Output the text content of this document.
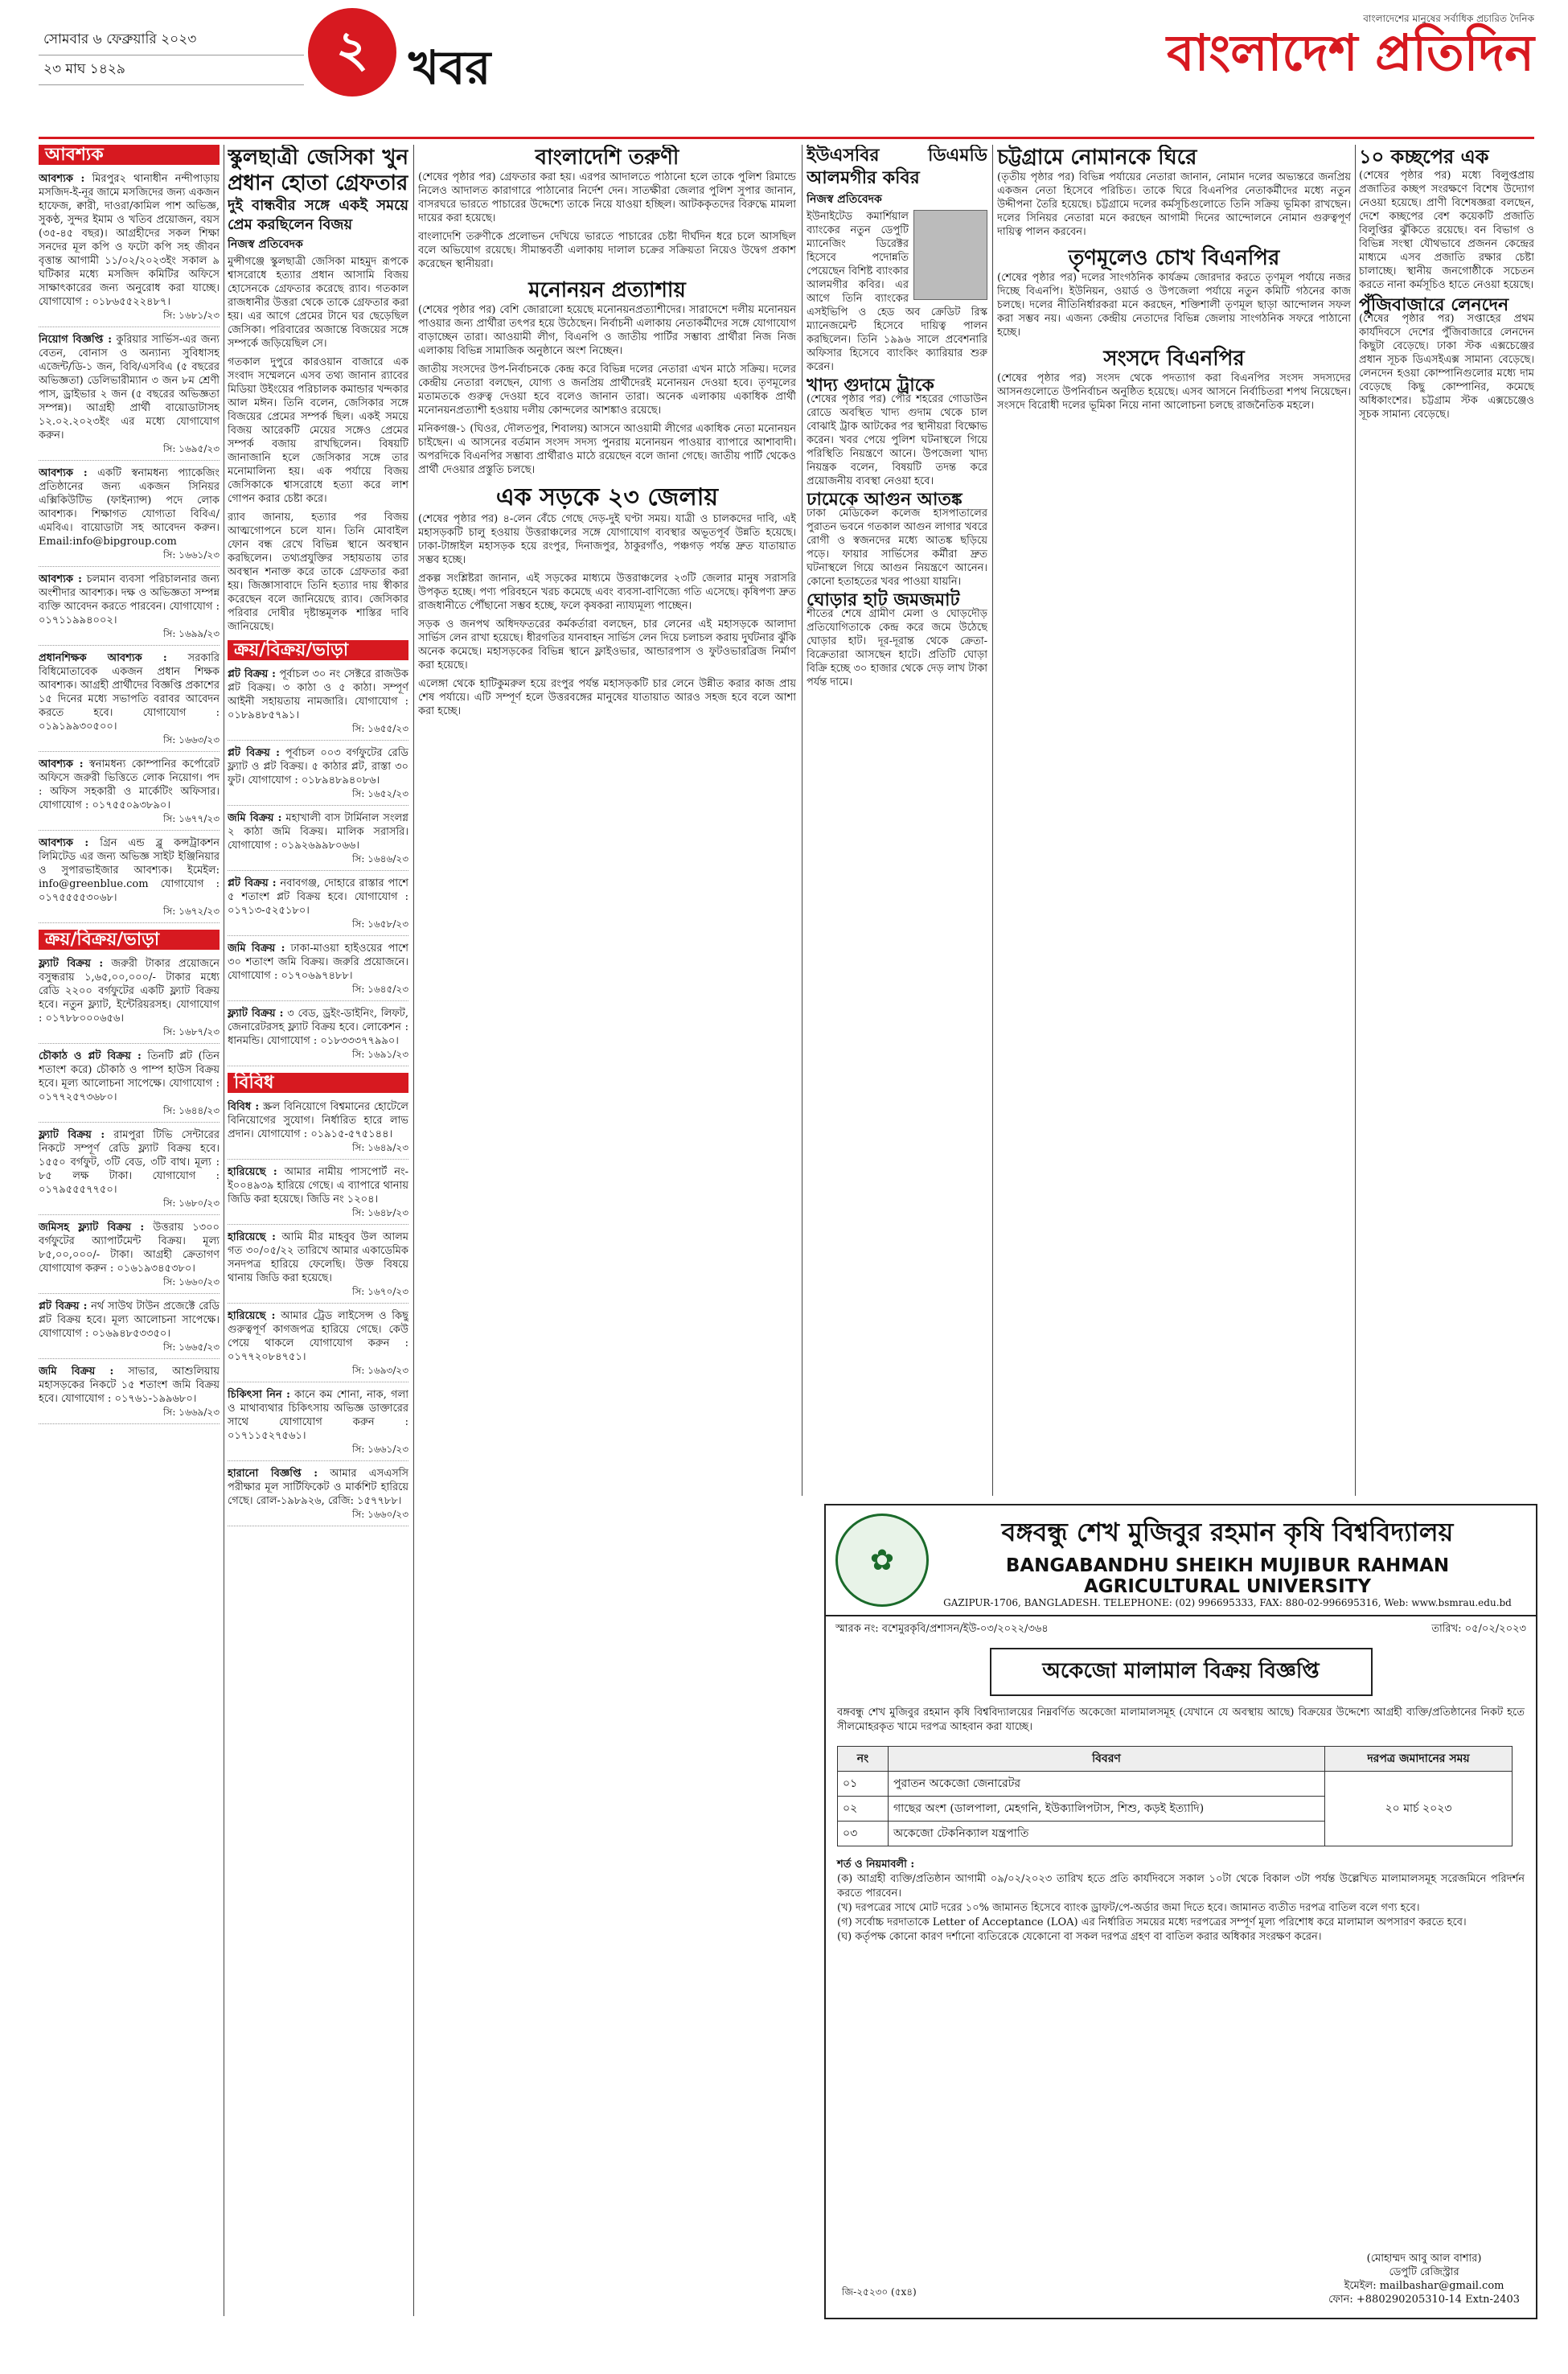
সোমবার ৬ ফেব্রুয়ারি ২০২৩
২৩ মাঘ ১৪২৯	২ খবর
বাংলাদেশের মানুষের সর্বাধিক প্রচারিত দৈনিক
বাংলাদেশ প্রতিদিন
আবশ্যক
আবশ্যক : মিরপুর২ থানাধীন নন্দীপাড়ায় মসজিদ-ই-নূর জামে মসজিদের জন্য একজন হাফেজ, ক্বারী, দাওরা/কামিল পাশ অভিজ্ঞ, সুকণ্ঠ, সুন্দর ইমাম ও খতিব প্রয়োজন, বয়স (৩৫-৪৫ বছর)। আগ্রহীদের সকল শিক্ষা সনদের মূল কপি ও ফটো কপি সহ জীবন বৃত্তান্ত আগামী ১১/০২/২০২৩ইং সকাল ৯ ঘটিকার মধ্যে মসজিদ কমিটির অফিসে সাক্ষাৎকারের জন্য অনুরোধ করা যাচ্ছে। যোগাযোগ : ০১৮৬৫৫২২৪৮৭।
সি: ১৬৮১/২৩
নিয়োগ বিজ্ঞপ্তি : কুরিয়ার সার্ভিস-এর জন্য বেতন, বোনাস ও অন্যান্য সুবিধাসহ এজেন্ট/ডি-১ জন, বিবি/এসবিএ (৫ বছরের অভিজ্ঞতা) ডেলিভারীম্যান ৩ জন ৮ম শ্রেণী পাস, ড্রাইভার ২ জন (৫ বছরের অভিজ্ঞতা সম্পন্ন)। আগ্রহী প্রার্থী বায়োডাটাসহ ১২.০২.২০২৩ইং এর মধ্যে যোগাযোগ করুন।
সি: ১৬৯৫/২৩
আবশ্যক : একটি স্বনামধন্য প্যাকেজিং প্রতিষ্ঠানের জন্য একজন সিনিয়র এক্সিকিউটিভ (ফাইন্যান্স) পদে লোক আবশ্যক। শিক্ষাগত যোগ্যতা বিবিএ/এমবিএ। বায়োডাটা সহ আবেদন করুন। Email:info@bipgroup.com
সি: ১৬৬১/২৩
আবশ্যক : চলমান ব্যবসা পরিচালনার জন্য অংশীদার আবশ্যক। দক্ষ ও অভিজ্ঞতা সম্পন্ন ব্যক্তি আবেদন করতে পারবেন। যোগাযোগ : ০১৭১১৯৯৪০০২।
সি: ১৬৯৯/২৩
প্রধানশিক্ষক আবশ্যক : সরকারি বিধিমোতাবেক একজন প্রধান শিক্ষক আবশ্যক। আগ্রহী প্রার্থীদের বিজ্ঞপ্তি প্রকাশের ১৫ দিনের মধ্যে সভাপতি বরাবর আবেদন করতে হবে। যোগাযোগ : ০১৯১৯৯৩০৫০০।
সি: ১৬৬৩/২৩
আবশ্যক : স্বনামধন্য কোম্পানির কর্পোরেট অফিসে জরুরী ভিত্তিতে লোক নিয়োগ। পদ : অফিস সহকারী ও মার্কেটিং অফিসার। যোগাযোগ : ০১৭৫৫০৯৩৮৯০।
সি: ১৬৭৭/২৩
আবশ্যক : গ্রিন এন্ড ব্লু কন্সট্রাকশন লিমিটেড এর জন্য অভিজ্ঞ সাইট ইঞ্জিনিয়ার ও সুপারভাইজার আবশ্যক। ইমেইল: info@greenblue.com যোগাযোগ : ০১৭৫৫৫৫৩০৬৮।
সি: ১৬৭২/২৩
ক্রয়/বিক্রয়/ভাড়া
ফ্ল্যাট বিক্রয় : জরুরী টাকার প্রয়োজনে বসুন্ধরায় ১,৬৫,০০,০০০/- টাকার মধ্যে রেডি ২২০০ বর্গফুটের একটি ফ্ল্যাট বিক্রয় হবে। নতুন ফ্ল্যাট, ইন্টেরিয়রসহ। যোগাযোগ : ০১৭৮৮০০০৬৫৬।
সি: ১৬৮৭/২৩
চৌকাঠ ও প্লট বিক্রয় : তিনটি প্লট (তিন শতাংশ করে) চৌকাঠ ও পাম্প হাউস বিক্রয় হবে। মূল্য আলোচনা সাপেক্ষে। যোগাযোগ : ০১৭৭২৫৭৩৬৮০।
সি: ১৬৪৪/২৩
ফ্ল্যাট বিক্রয় : রামপুরা টিভি সেন্টারের নিকটে সম্পূর্ণ রেডি ফ্ল্যাট বিক্রয় হবে। ১৫৫০ বর্গফুট, ৩টি বেড, ৩টি বাথ। মূল্য : ৮৫ লক্ষ টাকা। যোগাযোগ : ০১৭৯৫৫৫৭৭৫০।
সি: ১৬৮০/২৩
জমিসহ ফ্ল্যাট বিক্রয় : উত্তরায় ১৩০০ বর্গফুটের অ্যাপার্টমেন্ট বিক্রয়। মূল্য ৮৫,০০,০০০/- টাকা। আগ্রহী ক্রেতাগণ যোগাযোগ করুন : ০১৬১৯৩৪৫৩৮০।
সি: ১৬৬০/২৩
প্লট বিক্রয় : নর্থ সাউথ টাউন প্রজেক্টে রেডি প্লট বিক্রয় হবে। মূল্য আলোচনা সাপেক্ষে। যোগাযোগ : ০১৬৯৪৮৫৩৩৫০।
সি: ১৬৬৫/২৩
জমি বিক্রয় : সাভার, আশুলিয়ায় মহাসড়কের নিকটে ১৫ শতাংশ জমি বিক্রয় হবে। যোগাযোগ : ০১৭৬১-১৯৯৬৮০।
সি: ১৬৬৯/২৩
স্কুলছাত্রী জেসিকা খুন প্রধান হোতা গ্রেফতার
দুই বান্ধবীর সঙ্গে একই সময়ে প্রেম করছিলেন বিজয়
নিজস্ব প্রতিবেদক

মুন্সীগঞ্জে স্কুলছাত্রী জেসিকা মাহমুদ রূপকে শ্বাসরোধে হত্যার প্রধান আসামি বিজয় হোসেনকে গ্রেফতার করেছে র‌্যাব। গতকাল রাজধানীর উত্তরা থেকে তাকে গ্রেফতার করা হয়। এর আগে প্রেমের টানে ঘর ছেড়েছিল জেসিকা। পরিবারের অজান্তে বিজয়ের সঙ্গে সম্পর্কে জড়িয়েছিল সে।

গতকাল দুপুরে কারওয়ান বাজারে এক সংবাদ সম্মেলনে এসব তথ্য জানান র‌্যাবের মিডিয়া উইংয়ের পরিচালক কমান্ডার খন্দকার আল মঈন। তিনি বলেন, জেসিকার সঙ্গে বিজয়ের প্রেমের সম্পর্ক ছিল। একই সময়ে বিজয় আরেকটি মেয়ের সঙ্গেও প্রেমের সম্পর্ক বজায় রাখছিলেন। বিষয়টি জানাজানি হলে জেসিকার সঙ্গে তার মনোমালিন্য হয়। এক পর্যায়ে বিজয় জেসিকাকে শ্বাসরোধে হত্যা করে লাশ গোপন করার চেষ্টা করে।

র‌্যাব জানায়, হত্যার পর বিজয় আত্মগোপনে চলে যান। তিনি মোবাইল ফোন বন্ধ রেখে বিভিন্ন স্থানে অবস্থান করছিলেন। তথ্যপ্রযুক্তির সহায়তায় তার অবস্থান শনাক্ত করে তাকে গ্রেফতার করা হয়। জিজ্ঞাসাবাদে তিনি হত্যার দায় স্বীকার করেছেন বলে জানিয়েছে র‌্যাব। জেসিকার পরিবার দোষীর দৃষ্টান্তমূলক শাস্তির দাবি জানিয়েছে।

ক্রয়/বিক্রয়/ভাড়া
প্লট বিক্রয় : পূর্বাচল ৩০ নং সেক্টরে রাজউক প্লট বিক্রয়। ৩ কাঠা ও ৫ কাঠা। সম্পূর্ণ আইনী সহায়তায় নামজারি। যোগাযোগ : ০১৮৯৪৮৫৭৯১।
সি: ১৬৫৫/২৩
প্লট বিক্রয় : পূর্বাচল ০০৩ বর্গফুটের রেডি ফ্ল্যাট ও প্লট বিক্রয়। ৫ কাঠার প্লট, রাস্তা ৩০ ফুট। যোগাযোগ : ০১৮৯৪৮৯৪০৮৬।
সি: ১৬৫২/২৩
জমি বিক্রয় : মহাখালী বাস টার্মিনাল সংলগ্ন ২ কাঠা জমি বিক্রয়। মালিক সরাসরি। যোগাযোগ : ০১৯২৬৯৯৮০৬৬।
সি: ১৬৪৬/২৩
প্লট বিক্রয় : নবাবগঞ্জ, দোহারে রাস্তার পাশে ৫ শতাংশ প্লট বিক্রয় হবে। যোগাযোগ : ০১৭১৩-৫২৫১৮০।
সি: ১৬৫৮/২৩
জমি বিক্রয় : ঢাকা-মাওয়া হাইওয়ের পাশে ৩০ শতাংশ জমি বিক্রয়। জরুরি প্রয়োজনে। যোগাযোগ : ০১৭০৬৯৭৪৮৮।
সি: ১৬৪৫/২৩
ফ্ল্যাট বিক্রয় : ৩ বেড, ড্রইং-ডাইনিং, লিফট, জেনারেটরসহ ফ্ল্যাট বিক্রয় হবে। লোকেশন : ধানমন্ডি। যোগাযোগ : ০১৮৩৩৩৭৭৯৯০।
সি: ১৬৯১/২৩
বিবিধ
বিবিধ : স্ক্রল বিনিয়োগে বিশ্বমানের হোটেলে বিনিয়োগের সুযোগ। নির্ধারিত হারে লাভ প্রদান। যোগাযোগ : ০১৯১৫-৫৭৫১৪৪।
সি: ১৬৪৯/২৩
হারিয়েছে : আমার নামীয় পাসপোর্ট নং- ই০০৪৯৩৯ হারিয়ে গেছে। এ ব্যাপারে থানায় জিডি করা হয়েছে। জিডি নং ১২০৪।
সি: ১৬৪৮/২৩
হারিয়েছে : আমি মীর মাহবুব উল আলম গত ৩০/০৫/২২ তারিখে আমার একাডেমিক সনদপত্র হারিয়ে ফেলেছি। উক্ত বিষয়ে থানায় জিডি করা হয়েছে।
সি: ১৬৭০/২৩
হারিয়েছে : আমার ট্রেড লাইসেন্স ও কিছু গুরুত্বপূর্ণ কাগজপত্র হারিয়ে গেছে। কেউ পেয়ে থাকলে যোগাযোগ করুন : ০১৭৭২০৮৪৭৫১।
সি: ১৬৯৩/২৩
চিকিৎসা নিন : কানে কম শোনা, নাক, গলা ও মাথাব্যথার চিকিৎসায় অভিজ্ঞ ডাক্তারের সাথে যোগাযোগ করুন : ০১৭১১৫২৭৫৬১।
সি: ১৬৬১/২৩
হারানো বিজ্ঞপ্তি : আমার এসএসসি পরীক্ষার মূল সার্টিফিকেট ও মার্কশিট হারিয়ে গেছে। রোল-১৯৮৯২৬, রেজি: ১৫৭৭৮৮।
সি: ১৬৬০/২৩
বাংলাদেশি তরুণী

(শেষের পৃষ্ঠার পর) গ্রেফতার করা হয়। এরপর আদালতে পাঠানো হলে তাকে পুলিশ রিমান্ডে নিলেও আদালত কারাগারে পাঠানোর নির্দেশ দেন। সাতক্ষীরা জেলার পুলিশ সুপার জানান, বাসরঘরে ভারতে পাচারের উদ্দেশ্যে তাকে নিয়ে যাওয়া হচ্ছিল। আটককৃতদের বিরুদ্ধে মামলা দায়ের করা হয়েছে।

বাংলাদেশি তরুণীকে প্রলোভন দেখিয়ে ভারতে পাচারের চেষ্টা দীর্ঘদিন ধরে চলে আসছিল বলে অভিযোগ রয়েছে। সীমান্তবর্তী এলাকায় দালাল চক্রের সক্রিয়তা নিয়েও উদ্বেগ প্রকাশ করেছেন স্থানীয়রা।

মনোনয়ন প্রত্যাশায়

(শেষের পৃষ্ঠার পর) বেশি জোরালো হয়েছে মনোনয়নপ্রত্যাশীদের। সারাদেশে দলীয় মনোনয়ন পাওয়ার জন্য প্রার্থীরা তৎপর হয়ে উঠেছেন। নির্বাচনী এলাকায় নেতাকর্মীদের সঙ্গে যোগাযোগ বাড়াচ্ছেন তারা। আওয়ামী লীগ, বিএনপি ও জাতীয় পার্টির সম্ভাব্য প্রার্থীরা নিজ নিজ এলাকায় বিভিন্ন সামাজিক অনুষ্ঠানে অংশ নিচ্ছেন।

জাতীয় সংসদের উপ-নির্বাচনকে কেন্দ্র করে বিভিন্ন দলের নেতারা এখন মাঠে সক্রিয়। দলের কেন্দ্রীয় নেতারা বলছেন, যোগ্য ও জনপ্রিয় প্রার্থীদেরই মনোনয়ন দেওয়া হবে। তৃণমূলের মতামতকে গুরুত্ব দেওয়া হবে বলেও জানান তারা। অনেক এলাকায় একাধিক প্রার্থী মনোনয়নপ্রত্যাশী হওয়ায় দলীয় কোন্দলের আশঙ্কাও রয়েছে।

মনিকগঞ্জ-১ (ঘিওর, দৌলতপুর, শিবালয়) আসনে আওয়ামী লীগের একাধিক নেতা মনোনয়ন চাইছেন। এ আসনের বর্তমান সংসদ সদস্য পুনরায় মনোনয়ন পাওয়ার ব্যাপারে আশাবাদী। অপরদিকে বিএনপির সম্ভাব্য প্রার্থীরাও মাঠে রয়েছেন বলে জানা গেছে। জাতীয় পার্টি থেকেও প্রার্থী দেওয়ার প্রস্তুতি চলছে।

এক সড়কে ২৩ জেলায়

(শেষের পৃষ্ঠার পর) ৪-লেন বেঁচে গেছে দেড়-দুই ঘণ্টা সময়। যাত্রী ও চালকদের দাবি, এই মহাসড়কটি চালু হওয়ায় উত্তরাঞ্চলের সঙ্গে যোগাযোগ ব্যবস্থার অভূতপূর্ব উন্নতি হয়েছে। ঢাকা-টাঙ্গাইল মহাসড়ক হয়ে রংপুর, দিনাজপুর, ঠাকুরগাঁও, পঞ্চগড় পর্যন্ত দ্রুত যাতায়াত সম্ভব হচ্ছে।

প্রকল্প সংশ্লিষ্টরা জানান, এই সড়কের মাধ্যমে উত্তরাঞ্চলের ২৩টি জেলার মানুষ সরাসরি উপকৃত হচ্ছে। পণ্য পরিবহনে খরচ কমেছে এবং ব্যবসা-বাণিজ্যে গতি এসেছে। কৃষিপণ্য দ্রুত রাজধানীতে পৌঁছানো সম্ভব হচ্ছে, ফলে কৃষকরা ন্যায্যমূল্য পাচ্ছেন।

সড়ক ও জনপথ অধিদফতরের কর্মকর্তারা বলছেন, চার লেনের এই মহাসড়কে আলাদা সার্ভিস লেন রাখা হয়েছে। ধীরগতির যানবাহন সার্ভিস লেন দিয়ে চলাচল করায় দুর্ঘটনার ঝুঁকি অনেক কমেছে। মহাসড়কের বিভিন্ন স্থানে ফ্লাইওভার, আন্ডারপাস ও ফুটওভারব্রিজ নির্মাণ করা হয়েছে।

এলেঙ্গা থেকে হাটিকুমরুল হয়ে রংপুর পর্যন্ত মহাসড়কটি চার লেনে উন্নীত করার কাজ প্রায় শেষ পর্যায়ে। এটি সম্পূর্ণ হলে উত্তরবঙ্গের মানুষের যাতায়াত আরও সহজ হবে বলে আশা করা হচ্ছে।

ইউএসবির ডিএমডি আলমগীর কবির
নিজস্ব প্রতিবেদক

ইউনাইটেড কমার্শিয়াল ব্যাংকের নতুন ডেপুটি ম্যানেজিং ডিরেক্টর হিসেবে পদোন্নতি পেয়েছেন বিশিষ্ট ব্যাংকার আলমগীর কবির। এর আগে তিনি ব্যাংকের এসইভিপি ও হেড অব ক্রেডিট রিস্ক ম্যানেজমেন্ট হিসেবে দায়িত্ব পালন করছিলেন। তিনি ১৯৯৬ সালে প্রবেশনারি অফিসার হিসেবে ব্যাংকিং ক্যারিয়ার শুরু করেন।

খাদ্য গুদামে ট্রাকে

(শেষের পৃষ্ঠার পর) পৌর শহরের গোডাউন রোডে অবস্থিত খাদ্য গুদাম থেকে চাল বোঝাই ট্রাক আটকের পর স্থানীয়রা বিক্ষোভ করেন। খবর পেয়ে পুলিশ ঘটনাস্থলে গিয়ে পরিস্থিতি নিয়ন্ত্রণে আনে। উপজেলা খাদ্য নিয়ন্ত্রক বলেন, বিষয়টি তদন্ত করে প্রয়োজনীয় ব্যবস্থা নেওয়া হবে।

ঢামেকে আগুন আতঙ্ক

ঢাকা মেডিকেল কলেজ হাসপাতালের পুরাতন ভবনে গতকাল আগুন লাগার খবরে রোগী ও স্বজনদের মধ্যে আতঙ্ক ছড়িয়ে পড়ে। ফায়ার সার্ভিসের কর্মীরা দ্রুত ঘটনাস্থলে গিয়ে আগুন নিয়ন্ত্রণে আনেন। কোনো হতাহতের খবর পাওয়া যায়নি।

ঘোড়ার হাট জমজমাট

শীতের শেষে গ্রামীণ মেলা ও ঘোড়দৌড় প্রতিযোগিতাকে কেন্দ্র করে জমে উঠেছে ঘোড়ার হাট। দূর-দূরান্ত থেকে ক্রেতা-বিক্রেতারা আসছেন হাটে। প্রতিটি ঘোড়া বিক্রি হচ্ছে ৩০ হাজার থেকে দেড় লাখ টাকা পর্যন্ত দামে।

চট্টগ্রামে নোমানকে ঘিরে

(তৃতীয় পৃষ্ঠার পর) বিভিন্ন পর্যায়ের নেতারা জানান, নোমান দলের অভ্যন্তরে জনপ্রিয় একজন নেতা হিসেবে পরিচিত। তাকে ঘিরে বিএনপির নেতাকর্মীদের মধ্যে নতুন উদ্দীপনা তৈরি হয়েছে। চট্টগ্রামে দলের কর্মসূচিগুলোতে তিনি সক্রিয় ভূমিকা রাখছেন। দলের সিনিয়র নেতারা মনে করছেন আগামী দিনের আন্দোলনে নোমান গুরুত্বপূর্ণ দায়িত্ব পালন করবেন।

তৃণমূলেও চোখ বিএনপির

(শেষের পৃষ্ঠার পর) দলের সাংগঠনিক কার্যক্রম জোরদার করতে তৃণমূল পর্যায়ে নজর দিচ্ছে বিএনপি। ইউনিয়ন, ওয়ার্ড ও উপজেলা পর্যায়ে নতুন কমিটি গঠনের কাজ চলছে। দলের নীতিনির্ধারকরা মনে করছেন, শক্তিশালী তৃণমূল ছাড়া আন্দোলন সফল করা সম্ভব নয়। এজন্য কেন্দ্রীয় নেতাদের বিভিন্ন জেলায় সাংগঠনিক সফরে পাঠানো হচ্ছে।

সংসদে বিএনপির

(শেষের পৃষ্ঠার পর) সংসদ থেকে পদত্যাগ করা বিএনপির সংসদ সদস্যদের আসনগুলোতে উপনির্বাচন অনুষ্ঠিত হয়েছে। এসব আসনে নির্বাচিতরা শপথ নিয়েছেন। সংসদে বিরোধী দলের ভূমিকা নিয়ে নানা আলোচনা চলছে রাজনৈতিক মহলে।

১০ কচ্ছপের এক

(শেষের পৃষ্ঠার পর) মধ্যে বিলুপ্তপ্রায় প্রজাতির কচ্ছপ সংরক্ষণে বিশেষ উদ্যোগ নেওয়া হয়েছে। প্রাণী বিশেষজ্ঞরা বলছেন, দেশে কচ্ছপের বেশ কয়েকটি প্রজাতি বিলুপ্তির ঝুঁকিতে রয়েছে। বন বিভাগ ও বিভিন্ন সংস্থা যৌথভাবে প্রজনন কেন্দ্রের মাধ্যমে এসব প্রজাতি রক্ষার চেষ্টা চালাচ্ছে। স্থানীয় জনগোষ্ঠীকে সচেতন করতে নানা কর্মসূচিও হাতে নেওয়া হয়েছে।

পুঁজিবাজারে লেনদেন

(শেষের পৃষ্ঠার পর) সপ্তাহের প্রথম কার্যদিবসে দেশের পুঁজিবাজারে লেনদেন কিছুটা বেড়েছে। ঢাকা স্টক এক্সচেঞ্জের প্রধান সূচক ডিএসইএক্স সামান্য বেড়েছে। লেনদেন হওয়া কোম্পানিগুলোর মধ্যে দাম বেড়েছে কিছু কোম্পানির, কমেছে অধিকাংশের। চট্টগ্রাম স্টক এক্সচেঞ্জেও সূচক সামান্য বেড়েছে।

✿
বঙ্গবন্ধু শেখ মুজিবুর রহমান কৃষি বিশ্ববিদ্যালয়
BANGABANDHU SHEIKH MUJIBUR RAHMAN AGRICULTURAL UNIVERSITY
GAZIPUR-1706, BANGLADESH. TELEPHONE: (02) 996695333, FAX: 880-02-996695316, Web: www.bsmrau.edu.bd
স্মারক নং: বশেমুরকৃবি/প্রশাসন/ইউ-০৩/২০২২/৩৬৪	তারিখ: ০৫/০২/২০২৩
অকেজো মালামাল বিক্রয় বিজ্ঞপ্তি
বঙ্গবন্ধু শেখ মুজিবুর রহমান কৃষি বিশ্ববিদ্যালয়ের নিম্নবর্ণিত অকেজো মালামালসমূহ (যেখানে যে অবস্থায় আছে) বিক্রয়ের উদ্দেশ্যে আগ্রহী ব্যক্তি/প্রতিষ্ঠানের নিকট হতে সীলমোহরকৃত খামে দরপত্র আহবান করা যাচ্ছে।
নং	বিবরণ	দরপত্র জমাদানের সময়
০১	পুরাতন অকেজো জেনারেটর	২০ মার্চ ২০২৩
০২	গাছের অংশ (ডালপালা, মেহগনি, ইউক্যালিপটাস, শিশু, কড়ই ইত্যাদি)	
০৩	অকেজো টেকনিক্যাল যন্ত্রপাতি	
শর্ত ও নিয়মাবলী :
(ক) আগ্রহী ব্যক্তি/প্রতিষ্ঠান আগামী ০৯/০২/২০২৩ তারিখ হতে প্রতি কার্যদিবসে সকাল ১০টা থেকে বিকাল ৩টা পর্যন্ত উল্লেখিত মালামালসমূহ সরেজমিনে পরিদর্শন করতে পারবেন।
(খ) দরপত্রের সাথে মোট দরের ১০% জামানত হিসেবে ব্যাংক ড্রাফট/পে-অর্ডার জমা দিতে হবে। জামানত ব্যতীত দরপত্র বাতিল বলে গণ্য হবে।
(গ) সর্বোচ্চ দরদাতাকে Letter of Acceptance (LOA) এর নির্ধারিত সময়ের মধ্যে দরপত্রের সম্পূর্ণ মূল্য পরিশোধ করে মালামাল অপসারণ করতে হবে।
(ঘ) কর্তৃপক্ষ কোনো কারণ দর্শানো ব্যতিরেকে যেকোনো বা সকল দরপত্র গ্রহণ বা বাতিল করার অধিকার সংরক্ষণ করেন।
জি-২৫২৩০ (৫x৪)
(মোহাম্মদ আবু আল বাশার)
ডেপুটি রেজিস্ট্রার
ইমেইল: mailbashar@gmail.com
ফোন: +880290205310-14 Extn-2403
